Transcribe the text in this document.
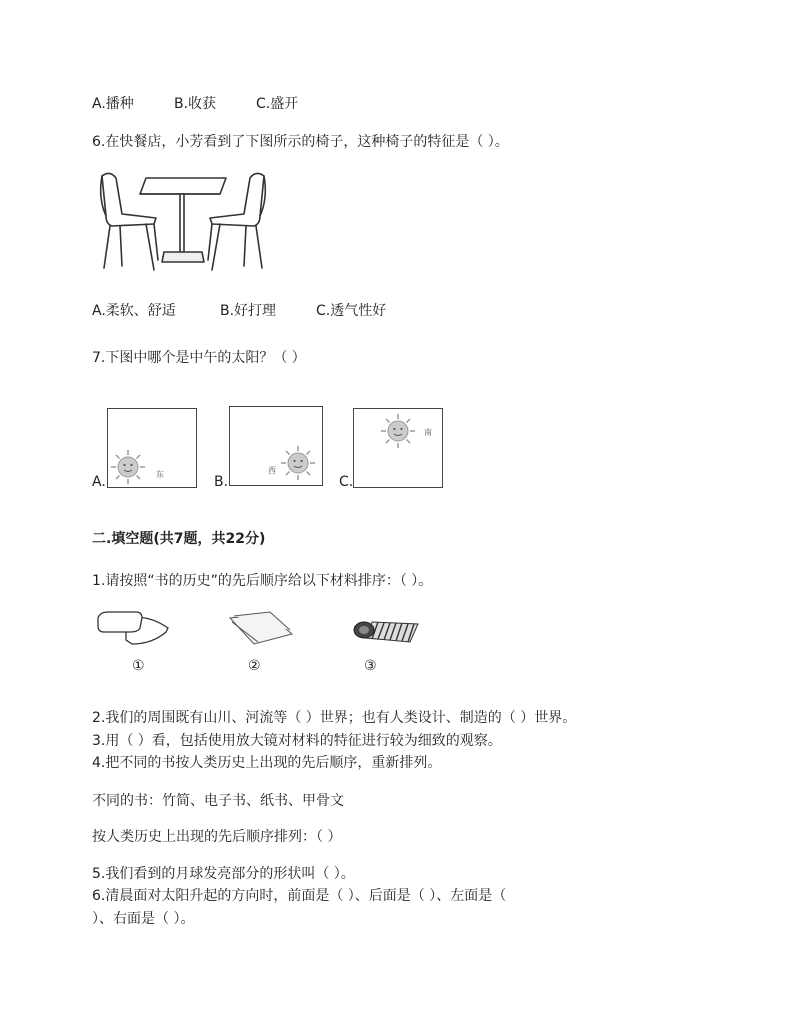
A.播种	B.收获	C.盛开
6.在快餐店，小芳看到了下图所示的椅子，这种椅子的特征是（ ）。
A.柔软、舒适	B.好打理	C.透气性好
7.下图中哪个是中午的太阳？（ ）
A.	东	B.
西
C.
南
二.填空题(共7题，共22分)
1.请按照“书的历史”的先后顺序给以下材料排序：（ ）。
①	②	③
2.我们的周围既有山川、河流等（ ）世界；也有人类设计、制造的（ ）世界。
3.用（ ）看，包括使用放大镜对材料的特征进行较为细致的观察。
4.把不同的书按人类历史上出现的先后顺序，重新排列。
不同的书：竹简、电子书、纸书、甲骨文
按人类历史上出现的先后顺序排列：（ ）
5.我们看到的月球发亮部分的形状叫（ ）。
6.清晨面对太阳升起的方向时，前面是（ ）、后面是（ ）、左面是（
）、右面是（ ）。
